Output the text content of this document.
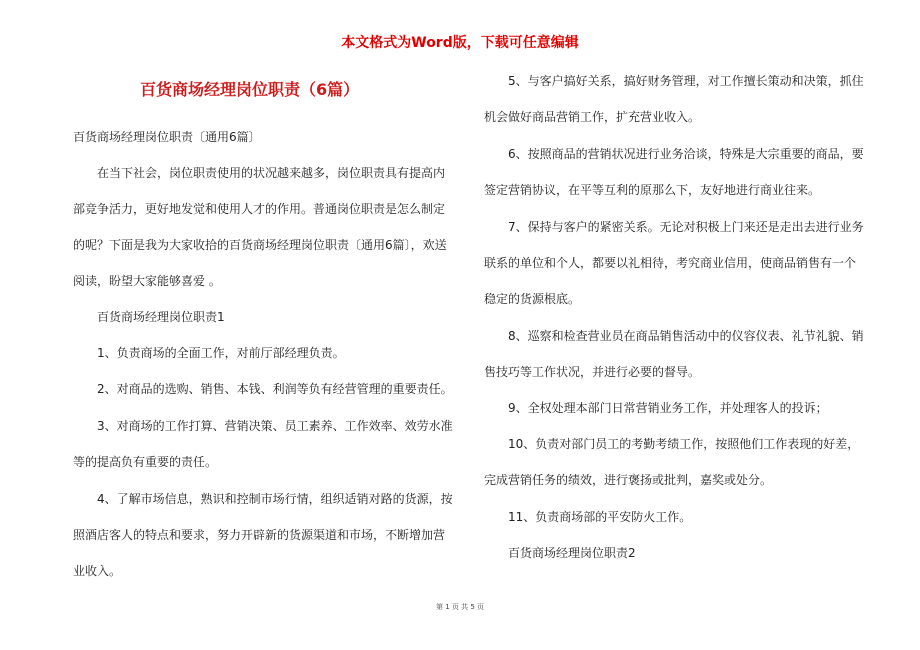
本文格式为Word版，下载可任意编辑
百货商场经理岗位职责（6篇）

百货商场经理岗位职责〔通用6篇〕

在当下社会，岗位职责使用的状况越来越多，岗位职责具有提高内部竞争活力，更好地发觉和使用人才的作用。普通岗位职责是怎么制定的呢？下面是我为大家收拾的百货商场经理岗位职责〔通用6篇〕，欢送阅读，盼望大家能够喜爱 。

百货商场经理岗位职责1

1、负责商场的全面工作，对前厅部经理负责。

2、对商品的选购、销售、本钱、利润等负有经营管理的重要责任。

3、对商场的工作打算、营销决策、员工素养、工作效率、效劳水准等的提高负有重要的责任。

4、了解市场信息，熟识和控制市场行情，组织适销对路的货源，按照酒店客人的特点和要求，努力开辟新的货源渠道和市场，不断增加营业收入。

5、与客户搞好关系，搞好财务管理，对工作擅长策动和决策，抓住机会做好商品营销工作，扩充营业收入。

6、按照商品的营销状况进行业务洽谈，特殊是大宗重要的商品，要签定营销协议，在平等互利的原那么下，友好地进行商业往来。

7、保持与客户的紧密关系。无论对积极上门来还是走出去进行业务联系的单位和个人，都要以礼相待，考究商业信用，使商品销售有一个稳定的货源根底。

8、巡察和检查营业员在商品销售活动中的仪容仪表、礼节礼貌、销售技巧等工作状况，并进行必要的督导。

9、全权处理本部门日常营销业务工作，并处理客人的投诉；

10、负责对部门员工的考勤考绩工作，按照他们工作表现的好差，完成营销任务的绩效，进行褒扬或批判，嘉奖或处分。

11、负责商场部的平安防火工作。

百货商场经理岗位职责2

第 1 页 共 5 页
